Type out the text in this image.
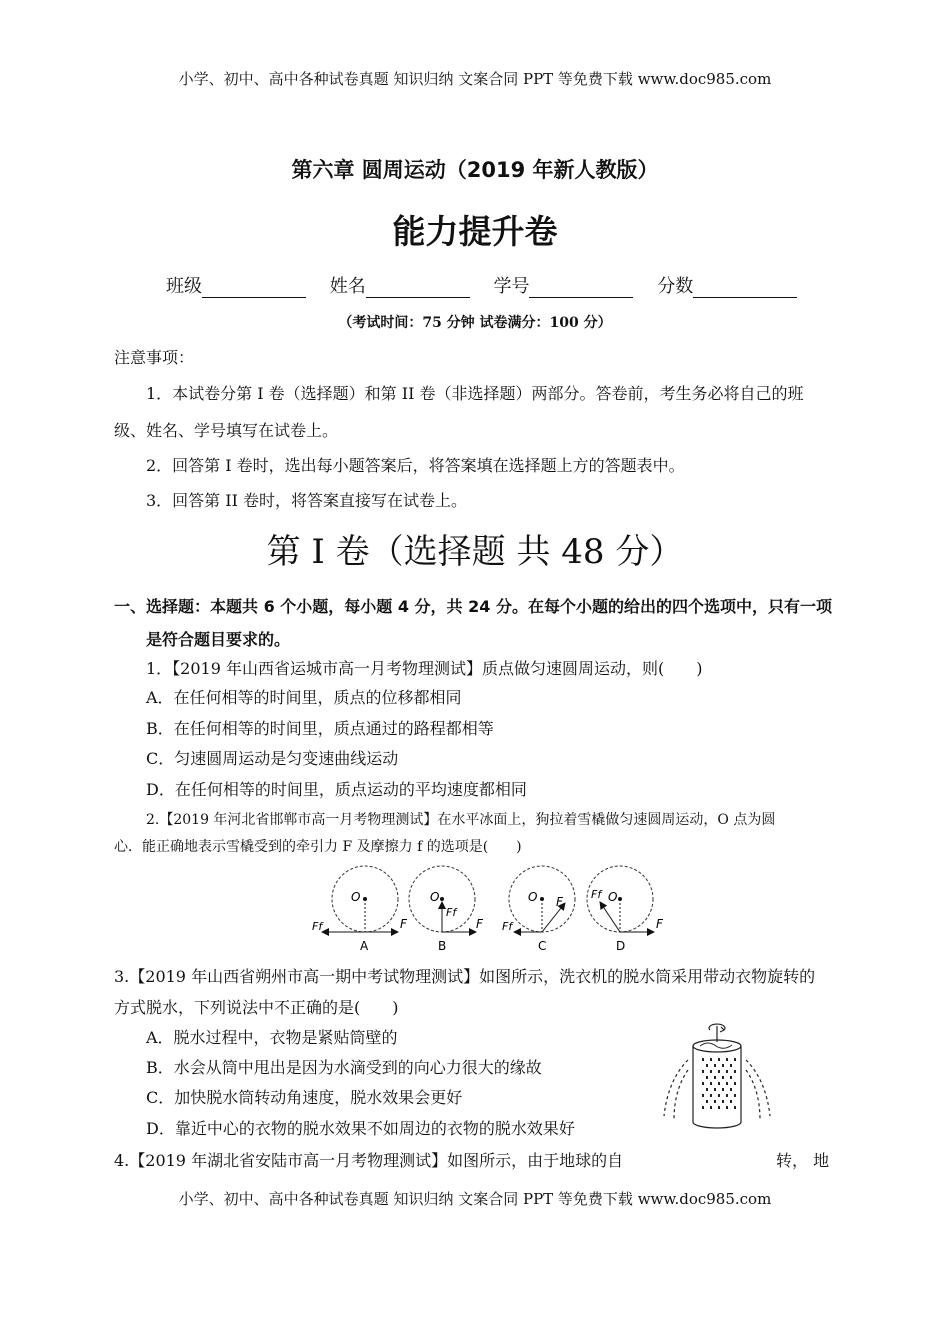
小学、初中、高中各种试卷真题 知识归纳 文案合同 PPT 等免费下载 www.doc985.com
第六章 圆周运动（2019 年新人教版）
能力提升卷
班级	姓名	学号	分数
（考试时间：75 分钟 试卷满分：100 分）
注意事项：
1．本试卷分第 I 卷（选择题）和第 II 卷（非选择题）两部分。答卷前，考生务必将自己的班
级、姓名、学号填写在试卷上。
2．回答第 I 卷时，选出每小题答案后，将答案填在选择题上方的答题表中。
3．回答第 II 卷时，将答案直接写在试卷上。
第 I 卷（选择题 共 48 分）
一、选择题：本题共 6 个小题，每小题 4 分，共 24 分。在每个小题的给出的四个选项中，只有一项
是符合题目要求的。
1．【2019 年山西省运城市高一月考物理测试】质点做匀速圆周运动，则(　　)
A．在任何相等的时间里，质点的位移都相同
B．在任何相等的时间里，质点通过的路程都相等
C．匀速圆周运动是匀变速曲线运动
D．在任何相等的时间里，质点运动的平均速度都相同
2.【2019 年河北省邯郸市高一月考物理测试】在水平冰面上，狗拉着雪橇做匀速圆周运动，O 点为圆
心．能正确地表示雪橇受到的牵引力 F 及摩擦力 f 的选项是(　　)
O
F
Ff
A
O
Ff
F
B
O F
Ff
C
O
Ff
F
D
3.【2019 年山西省朔州市高一期中考试物理测试】如图所示，洗衣机的脱水筒采用带动衣物旋转的
方式脱水，下列说法中不正确的是(　　)
A．脱水过程中，衣物是紧贴筒壁的
B．水会从筒中甩出是因为水滴受到的向心力很大的缘故
C．加快脱水筒转动角速度，脱水效果会更好
D．靠近中心的衣物的脱水效果不如周边的衣物的脱水效果好
4.【2019 年湖北省安陆市高一月考物理测试】如图所示，由于地球的自	转， 地
小学、初中、高中各种试卷真题 知识归纳 文案合同 PPT 等免费下载 www.doc985.com
